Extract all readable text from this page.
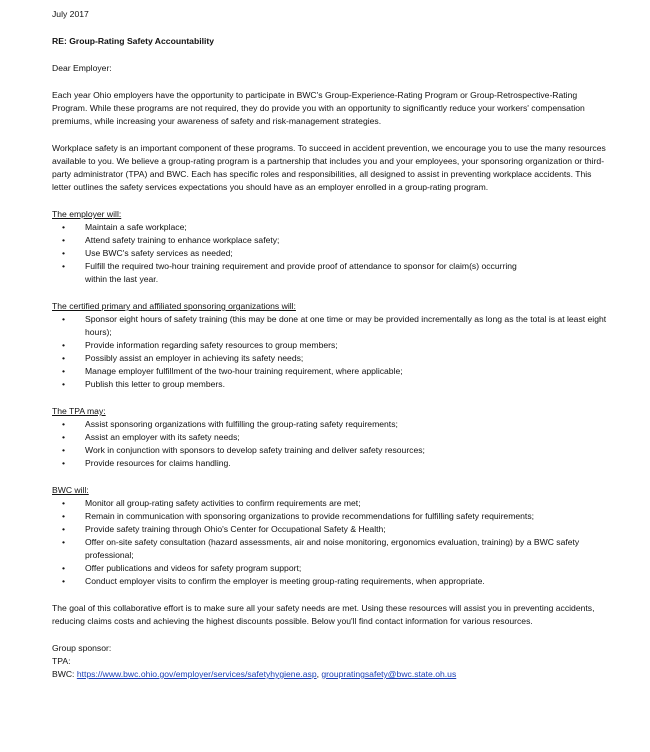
July 2017

RE: Group-Rating Safety Accountability

Dear Employer:

Each year Ohio employers have the opportunity to participate in BWC's Group-Experience-Rating Program or Group-Retrospective-Rating Program. While these programs are not required, they do provide you with an opportunity to significantly reduce your workers' compensation premiums, while increasing your awareness of safety and risk-management strategies.

Workplace safety is an important component of these programs. To succeed in accident prevention, we encourage you to use the many resources available to you. We believe a group-rating program is a partnership that includes you and your employees, your sponsoring organization or third-party administrator (TPA) and BWC. Each has specific roles and responsibilities, all designed to assist in preventing workplace accidents. This letter outlines the safety services expectations you should have as an employer enrolled in a group-rating program.

The employer will:

• Maintain a safe workplace;
• Attend safety training to enhance workplace safety;
• Use BWC's safety services as needed;
• Fulfill the required two-hour training requirement and provide proof of attendance to sponsor for claim(s) occurring within the last year.

The certified primary and affiliated sponsoring organizations will:

• Sponsor eight hours of safety training (this may be done at one time or may be provided incrementally as long as the total is at least eight hours);
• Provide information regarding safety resources to group members;
• Possibly assist an employer in achieving its safety needs;
• Manage employer fulfillment of the two-hour training requirement, where applicable;
• Publish this letter to group members.

The TPA may:

• Assist sponsoring organizations with fulfilling the group-rating safety requirements;
• Assist an employer with its safety needs;
• Work in conjunction with sponsors to develop safety training and deliver safety resources;
• Provide resources for claims handling.

BWC will:

• Monitor all group-rating safety activities to confirm requirements are met;
• Remain in communication with sponsoring organizations to provide recommendations for fulfilling safety requirements;
• Provide safety training through Ohio's Center for Occupational Safety & Health;
• Offer on-site safety consultation (hazard assessments, air and noise monitoring, ergonomics evaluation, training) by a BWC safety professional;
• Offer publications and videos for safety program support;
• Conduct employer visits to confirm the employer is meeting group-rating requirements, when appropriate.

The goal of this collaborative effort is to make sure all your safety needs are met. Using these resources will assist you in preventing accidents, reducing claims costs and achieving the highest discounts possible. Below you'll find contact information for various resources.

Group sponsor:

TPA:

BWC: https://www.bwc.ohio.gov/employer/services/safetyhygiene.asp, groupratingsafety@bwc.state.oh.us
